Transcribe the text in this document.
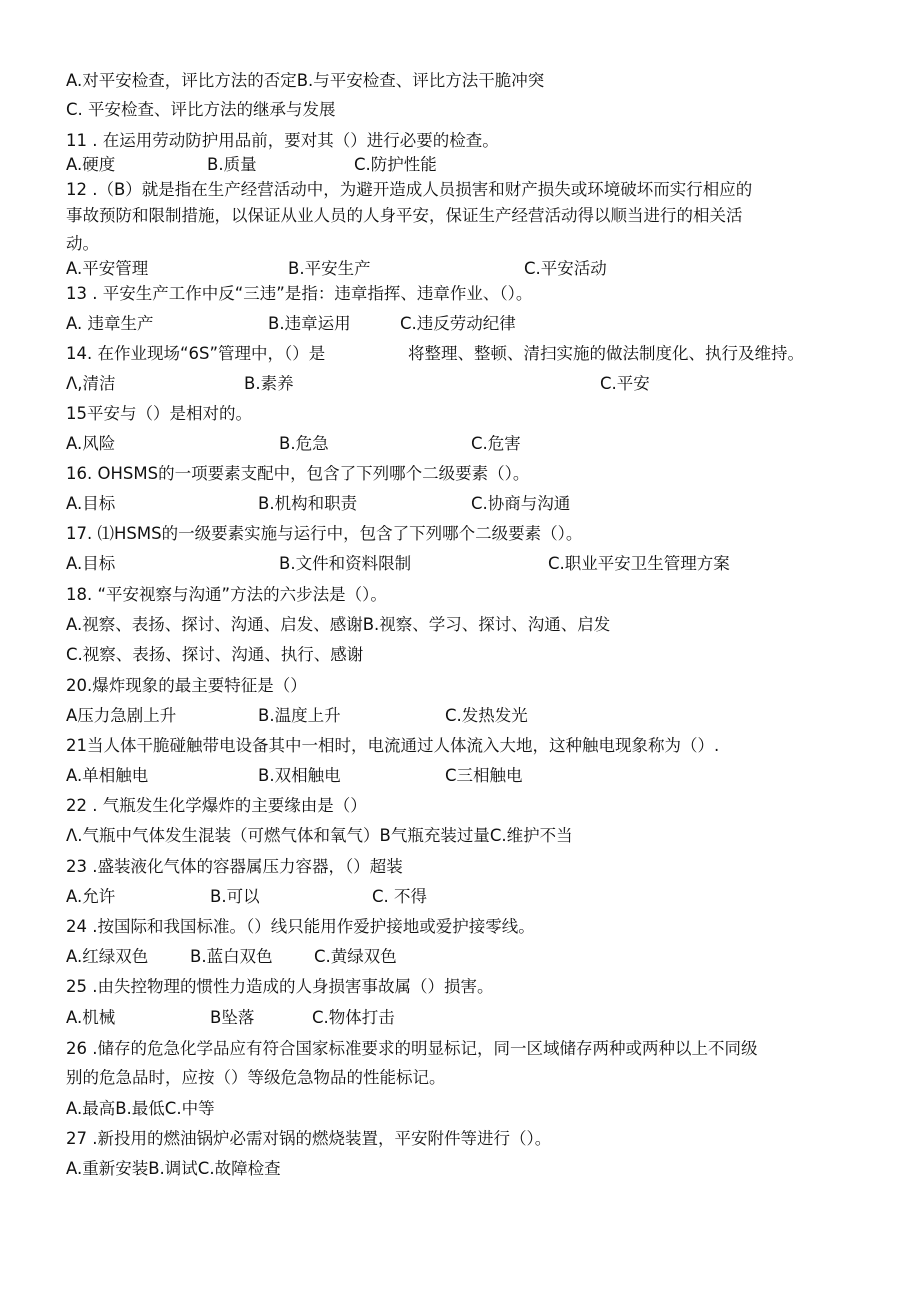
A.对平安检查，评比方法的否定B.与平安检查、评比方法干脆冲突
C. 平安检查、评比方法的继承与发展
11 . 在运用劳动防护用品前，要对其（）进行必要的检查。
A.硬度	B.质量	C.防护性能
12 .（B）就是指在生产经营活动中，为避开造成人员损害和财产损失或环境破坏而实行相应的
事故预防和限制措施，以保证从业人员的人身平安，保证生产经营活动得以顺当进行的相关活
动。
A.平安管理	B.平安生产	C.平安活动
13 . 平安生产工作中反“三违”是指：违章指挥、违章作业、（）。
A. 违章生产	B.违章运用	C.违反劳动纪律
14. 在作业现场“6S”管理中，（）是	将整理、整顿、清扫实施的做法制度化、执行及维持。
Λ,清洁	B.素养	C.平安
15平安与（）是相对的。
A.风险	B.危急	C.危害
16. OHSMS的一项要素支配中，包含了下列哪个二级要素（）。
A.目标	B.机构和职责	C.协商与沟通
17. ⑴HSMS的一级要素实施与运行中，包含了下列哪个二级要素（）。
A.目标	B.文件和资料限制	C.职业平安卫生管理方案
18. “平安视察与沟通”方法的六步法是（）。
A.视察、表扬、探讨、沟通、启发、感谢B.视察、学习、探讨、沟通、启发
C.视察、表扬、探讨、沟通、执行、感谢
20.爆炸现象的最主要特征是（）
A压力急剧上升	B.温度上升	C.发热发光
21当人体干脆碰触带电设备其中一相时，电流通过人体流入大地，这种触电现象称为（）.
A.单相触电	B.双相触电	C三相触电
22 . 气瓶发生化学爆炸的主要缘由是（）
Λ.气瓶中气体发生混装（可燃气体和氧气）B气瓶充装过量C.维护不当
23 .盛装液化气体的容器属压力容器，（）超装
A.允许	B.可以	C. 不得
24 .按国际和我国标准。（）线只能用作爱护接地或爱护接零线。
A.红绿双色	B.蓝白双色	C.黄绿双色
25 .由失控物理的惯性力造成的人身损害事故属（）损害。
A.机械	B坠落	C.物体打击
26 .储存的危急化学品应有符合国家标准要求的明显标记，同一区域储存两种或两种以上不同级
别的危急品时，应按（）等级危急物品的性能标记。
A.最高B.最低C.中等
27 .新投用的燃油锅炉必需对锅的燃烧装置，平安附件等进行（）。
A.重新安装B.调试C.故障检查
